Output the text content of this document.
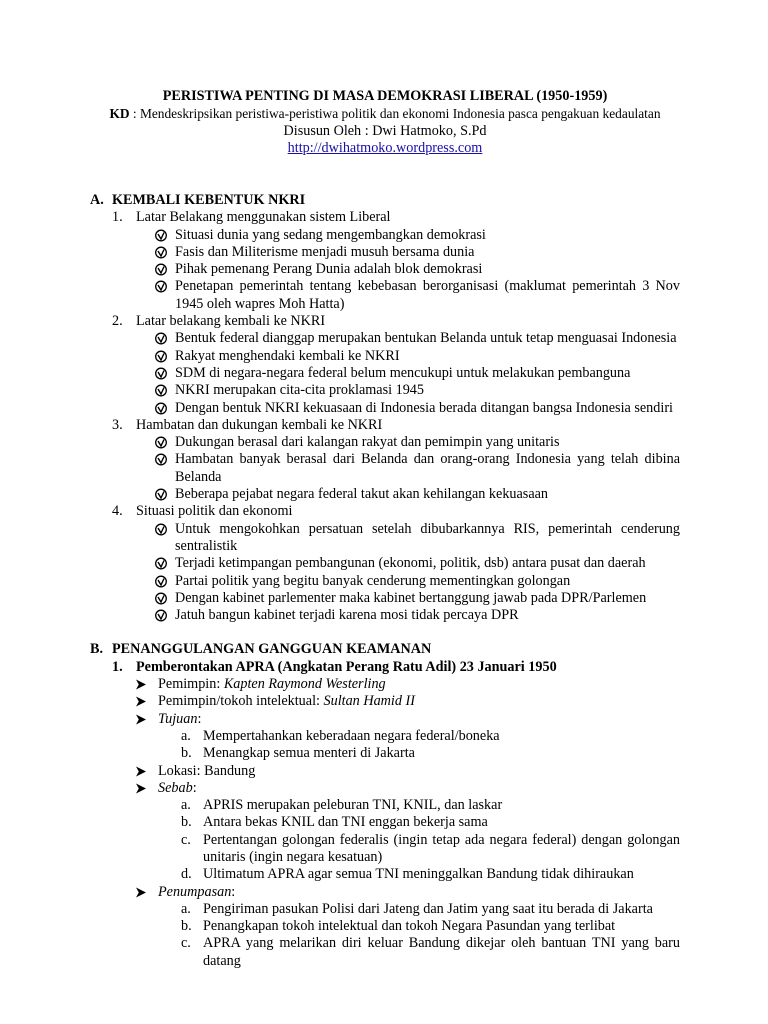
PERISTIWA PENTING DI MASA DEMOKRASI LIBERAL (1950-1959)
KD : Mendeskripsikan peristiwa-peristiwa politik dan ekonomi Indonesia pasca pengakuan kedaulatan
Disusun Oleh : Dwi Hatmoko, S.Pd
http://dwihatmoko.wordpress.com
A. KEMBALI KEBENTUK NKRI
1. Latar Belakang menggunakan sistem Liberal
Situasi dunia yang sedang mengembangkan demokrasi
Fasis dan Militerisme menjadi musuh bersama dunia
Pihak pemenang Perang Dunia adalah blok demokrasi
Penetapan pemerintah tentang kebebasan berorganisasi (maklumat pemerintah 3 Nov 1945 oleh wapres Moh Hatta)
2. Latar belakang kembali ke NKRI
Bentuk federal dianggap merupakan bentukan Belanda untuk tetap menguasai Indonesia
Rakyat menghendaki kembali ke NKRI
SDM di negara-negara federal belum mencukupi untuk melakukan pembanguna
NKRI merupakan cita-cita proklamasi 1945
Dengan bentuk NKRI kekuasaan di Indonesia berada ditangan bangsa Indonesia sendiri
3. Hambatan dan dukungan kembali ke NKRI
Dukungan berasal dari kalangan rakyat dan pemimpin yang unitaris
Hambatan banyak berasal dari Belanda dan orang-orang Indonesia yang telah dibina Belanda
Beberapa pejabat negara federal takut akan kehilangan kekuasaan
4. Situasi politik dan ekonomi
Untuk mengokohkan persatuan setelah dibubarkannya RIS, pemerintah cenderung sentralistik
Terjadi ketimpangan pembangunan (ekonomi, politik, dsb) antara pusat dan daerah
Partai politik yang begitu banyak cenderung mementingkan golongan
Dengan kabinet parlementer maka kabinet bertanggung jawab pada DPR/Parlemen
Jatuh bangun kabinet terjadi karena mosi tidak percaya DPR
B. PENANGGULANGAN GANGGUAN KEAMANAN
1. Pemberontakan APRA (Angkatan Perang Ratu Adil) 23 Januari 1950
Pemimpin: Kapten Raymond Westerling
Pemimpin/tokoh intelektual: Sultan Hamid II
Tujuan:
a. Mempertahankan keberadaan negara federal/boneka
b. Menangkap semua menteri di Jakarta
Lokasi: Bandung
Sebab:
a. APRIS merupakan peleburan TNI, KNIL, dan laskar
b. Antara bekas KNIL dan TNI enggan bekerja sama
c. Pertentangan golongan federalis (ingin tetap ada negara federal) dengan golongan unitaris (ingin negara kesatuan)
d. Ultimatum APRA agar semua TNI meninggalkan Bandung tidak dihiraukan
Penumpasan:
a. Pengiriman pasukan Polisi dari Jateng dan Jatim yang saat itu berada di Jakarta
b. Penangkapan tokoh intelektual dan tokoh Negara Pasundan yang terlibat
c. APRA yang melarikan diri keluar Bandung dikejar oleh bantuan TNI yang baru datang
